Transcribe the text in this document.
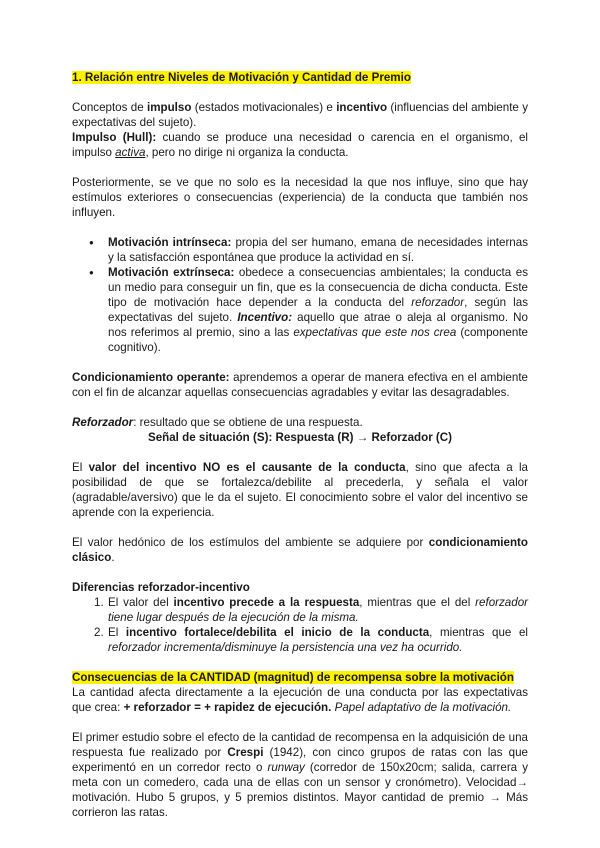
1. Relación entre Niveles de Motivación y Cantidad de Premio

Conceptos de impulso (estados motivacionales) e incentivo (influencias del ambiente y expectativas del sujeto).

Impulso (Hull): cuando se produce una necesidad o carencia en el organismo, el impulso activa, pero no dirige ni organiza la conducta.

Posteriormente, se ve que no solo es la necesidad la que nos influye, sino que hay estímulos exteriores o consecuencias (experiencia) de la conducta que también nos influyen.

● Motivación intrínseca: propia del ser humano, emana de necesidades internas y la satisfacción espontánea que produce la actividad en sí.
● Motivación extrínseca: obedece a consecuencias ambientales; la conducta es un medio para conseguir un fin, que es la consecuencia de dicha conducta. Este tipo de motivación hace depender a la conducta del reforzador, según las expectativas del sujeto. Incentivo: aquello que atrae o aleja al organismo. No nos referimos al premio, sino a las expectativas que este nos crea (componente cognitivo).

Condicionamiento operante: aprendemos a operar de manera efectiva en el ambiente con el fin de alcanzar aquellas consecuencias agradables y evitar las desagradables.

Reforzador: resultado que se obtiene de una respuesta.

Señal de situación (S): Respuesta (R) → Reforzador (C)

El valor del incentivo NO es el causante de la conducta, sino que afecta a la posibilidad de que se fortalezca/debilite al precederla, y señala el valor (agradable/aversivo) que le da el sujeto. El conocimiento sobre el valor del incentivo se aprende con la experiencia.

El valor hedónico de los estímulos del ambiente se adquiere por condicionamiento clásico.

Diferencias reforzador-incentivo

1. El valor del incentivo precede a la respuesta, mientras que el del reforzador tiene lugar después de la ejecución de la misma.
2. El incentivo fortalece/debilita el inicio de la conducta, mientras que el reforzador incrementa/disminuye la persistencia una vez ha ocurrido.

Consecuencias de la CANTIDAD (magnitud) de recompensa sobre la motivación

La cantidad afecta directamente a la ejecución de una conducta por las expectativas que crea: + reforzador = + rapidez de ejecución. Papel adaptativo de la motivación.

El primer estudio sobre el efecto de la cantidad de recompensa en la adquisición de una respuesta fue realizado por Crespi (1942), con cinco grupos de ratas con las que experimentó en un corredor recto o runway (corredor de 150x20cm; salida, carrera y meta con un comedero, cada una de ellas con un sensor y cronómetro). Velocidad→ motivación. Hubo 5 grupos, y 5 premios distintos. Mayor cantidad de premio → Más corrieron las ratas.
